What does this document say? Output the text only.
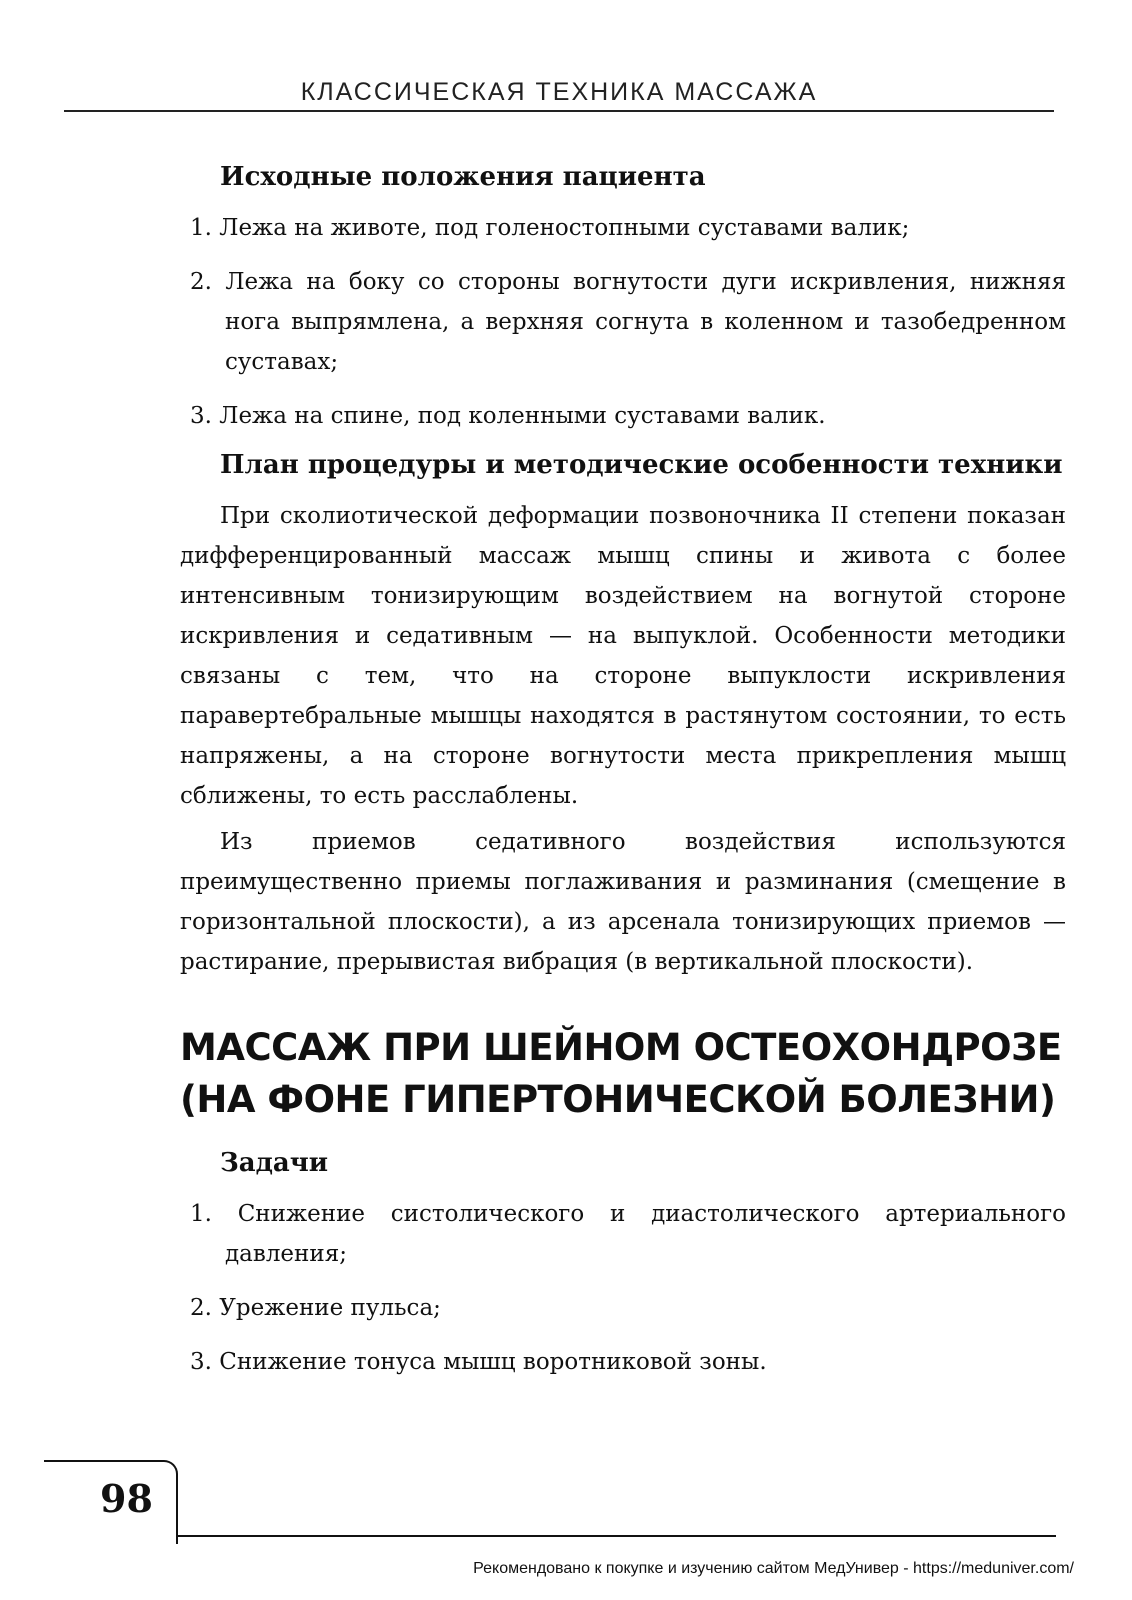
КЛАССИЧЕСКАЯ ТЕХНИКА МАССАЖА
Исходные положения пациента
1. Лежа на животе, под голеностопными суставами валик;
2. Лежа на боку со стороны вогнутости дуги искривления, нижняя нога выпрямлена, а верхняя согнута в коленном и тазобедренном суставах;
3. Лежа на спине, под коленными суставами валик.
План процедуры и методические особенности техники

При сколиотической деформации позвоночника II степени показан дифференцированный массаж мышц спины и живота с более интенсивным тонизирующим воздействием на вогнутой стороне искривления и седативным — на выпуклой. Особенности методики связаны с тем, что на стороне выпуклости искривления паравертебральные мышцы находятся в растянутом состоянии, то есть напряжены, а на стороне вогнутости места прикрепления мышц сближены, то есть расслаблены.

Из приемов седативного воздействия используются преимущественно приемы поглаживания и разминания (смещение в горизонтальной плоскости), а из арсенала тонизирующих приемов — растирание, прерывистая вибрация (в вертикальной плоскости).

МАССАЖ ПРИ ШЕЙНОМ ОСТЕОХОНДРОЗЕ (НА ФОНЕ ГИПЕРТОНИЧЕСКОЙ БОЛЕЗНИ)
Задачи
1. Снижение систолического и диастолического артериального давления;
2. Урежение пульса;
3. Снижение тонуса мышц воротниковой зоны.
98
Рекомендовано к покупке и изучению сайтом МедУнивер - https://meduniver.com/
